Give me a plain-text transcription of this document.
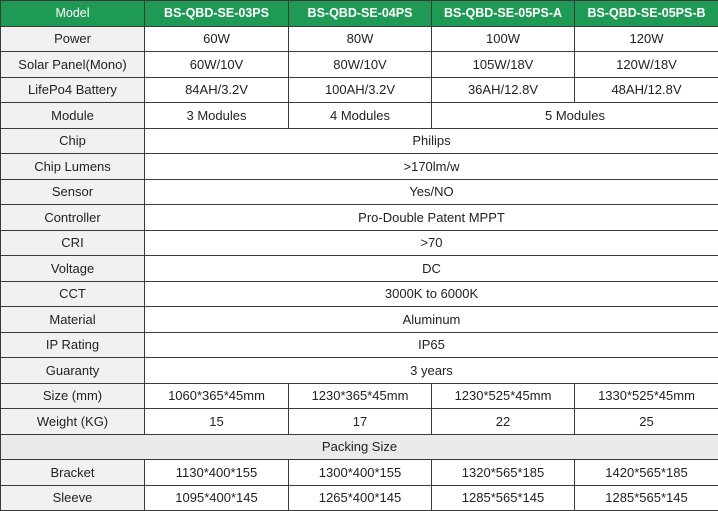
Model	BS-QBD-SE-03PS	BS-QBD-SE-04PS	BS-QBD-SE-05PS-A	BS-QBD-SE-05PS-B
Power	60W	80W	100W	120W
Solar Panel(Mono)	60W/10V	80W/10V	105W/18V	120W/18V
LifePo4 Battery	84AH/3.2V	100AH/3.2V	36AH/12.8V	48AH/12.8V
Module	3 Modules	4 Modules	5 Modules	
Chip	Philips			
Chip Lumens	>170lm/w			
Sensor	Yes/NO			
Controller	Pro-Double Patent MPPT			
CRI	>70			
Voltage	DC			
CCT	3000K to 6000K			
Material	Aluminum			
IP Rating	IP65			
Guaranty	3 years			
Size (mm)	1060*365*45mm	1230*365*45mm	1230*525*45mm	1330*525*45mm
Weight (KG)	15	17	22	25
Packing Size				
Bracket	1130*400*155	1300*400*155	1320*565*185	1420*565*185
Sleeve	1095*400*145	1265*400*145	1285*565*145	1285*565*145
